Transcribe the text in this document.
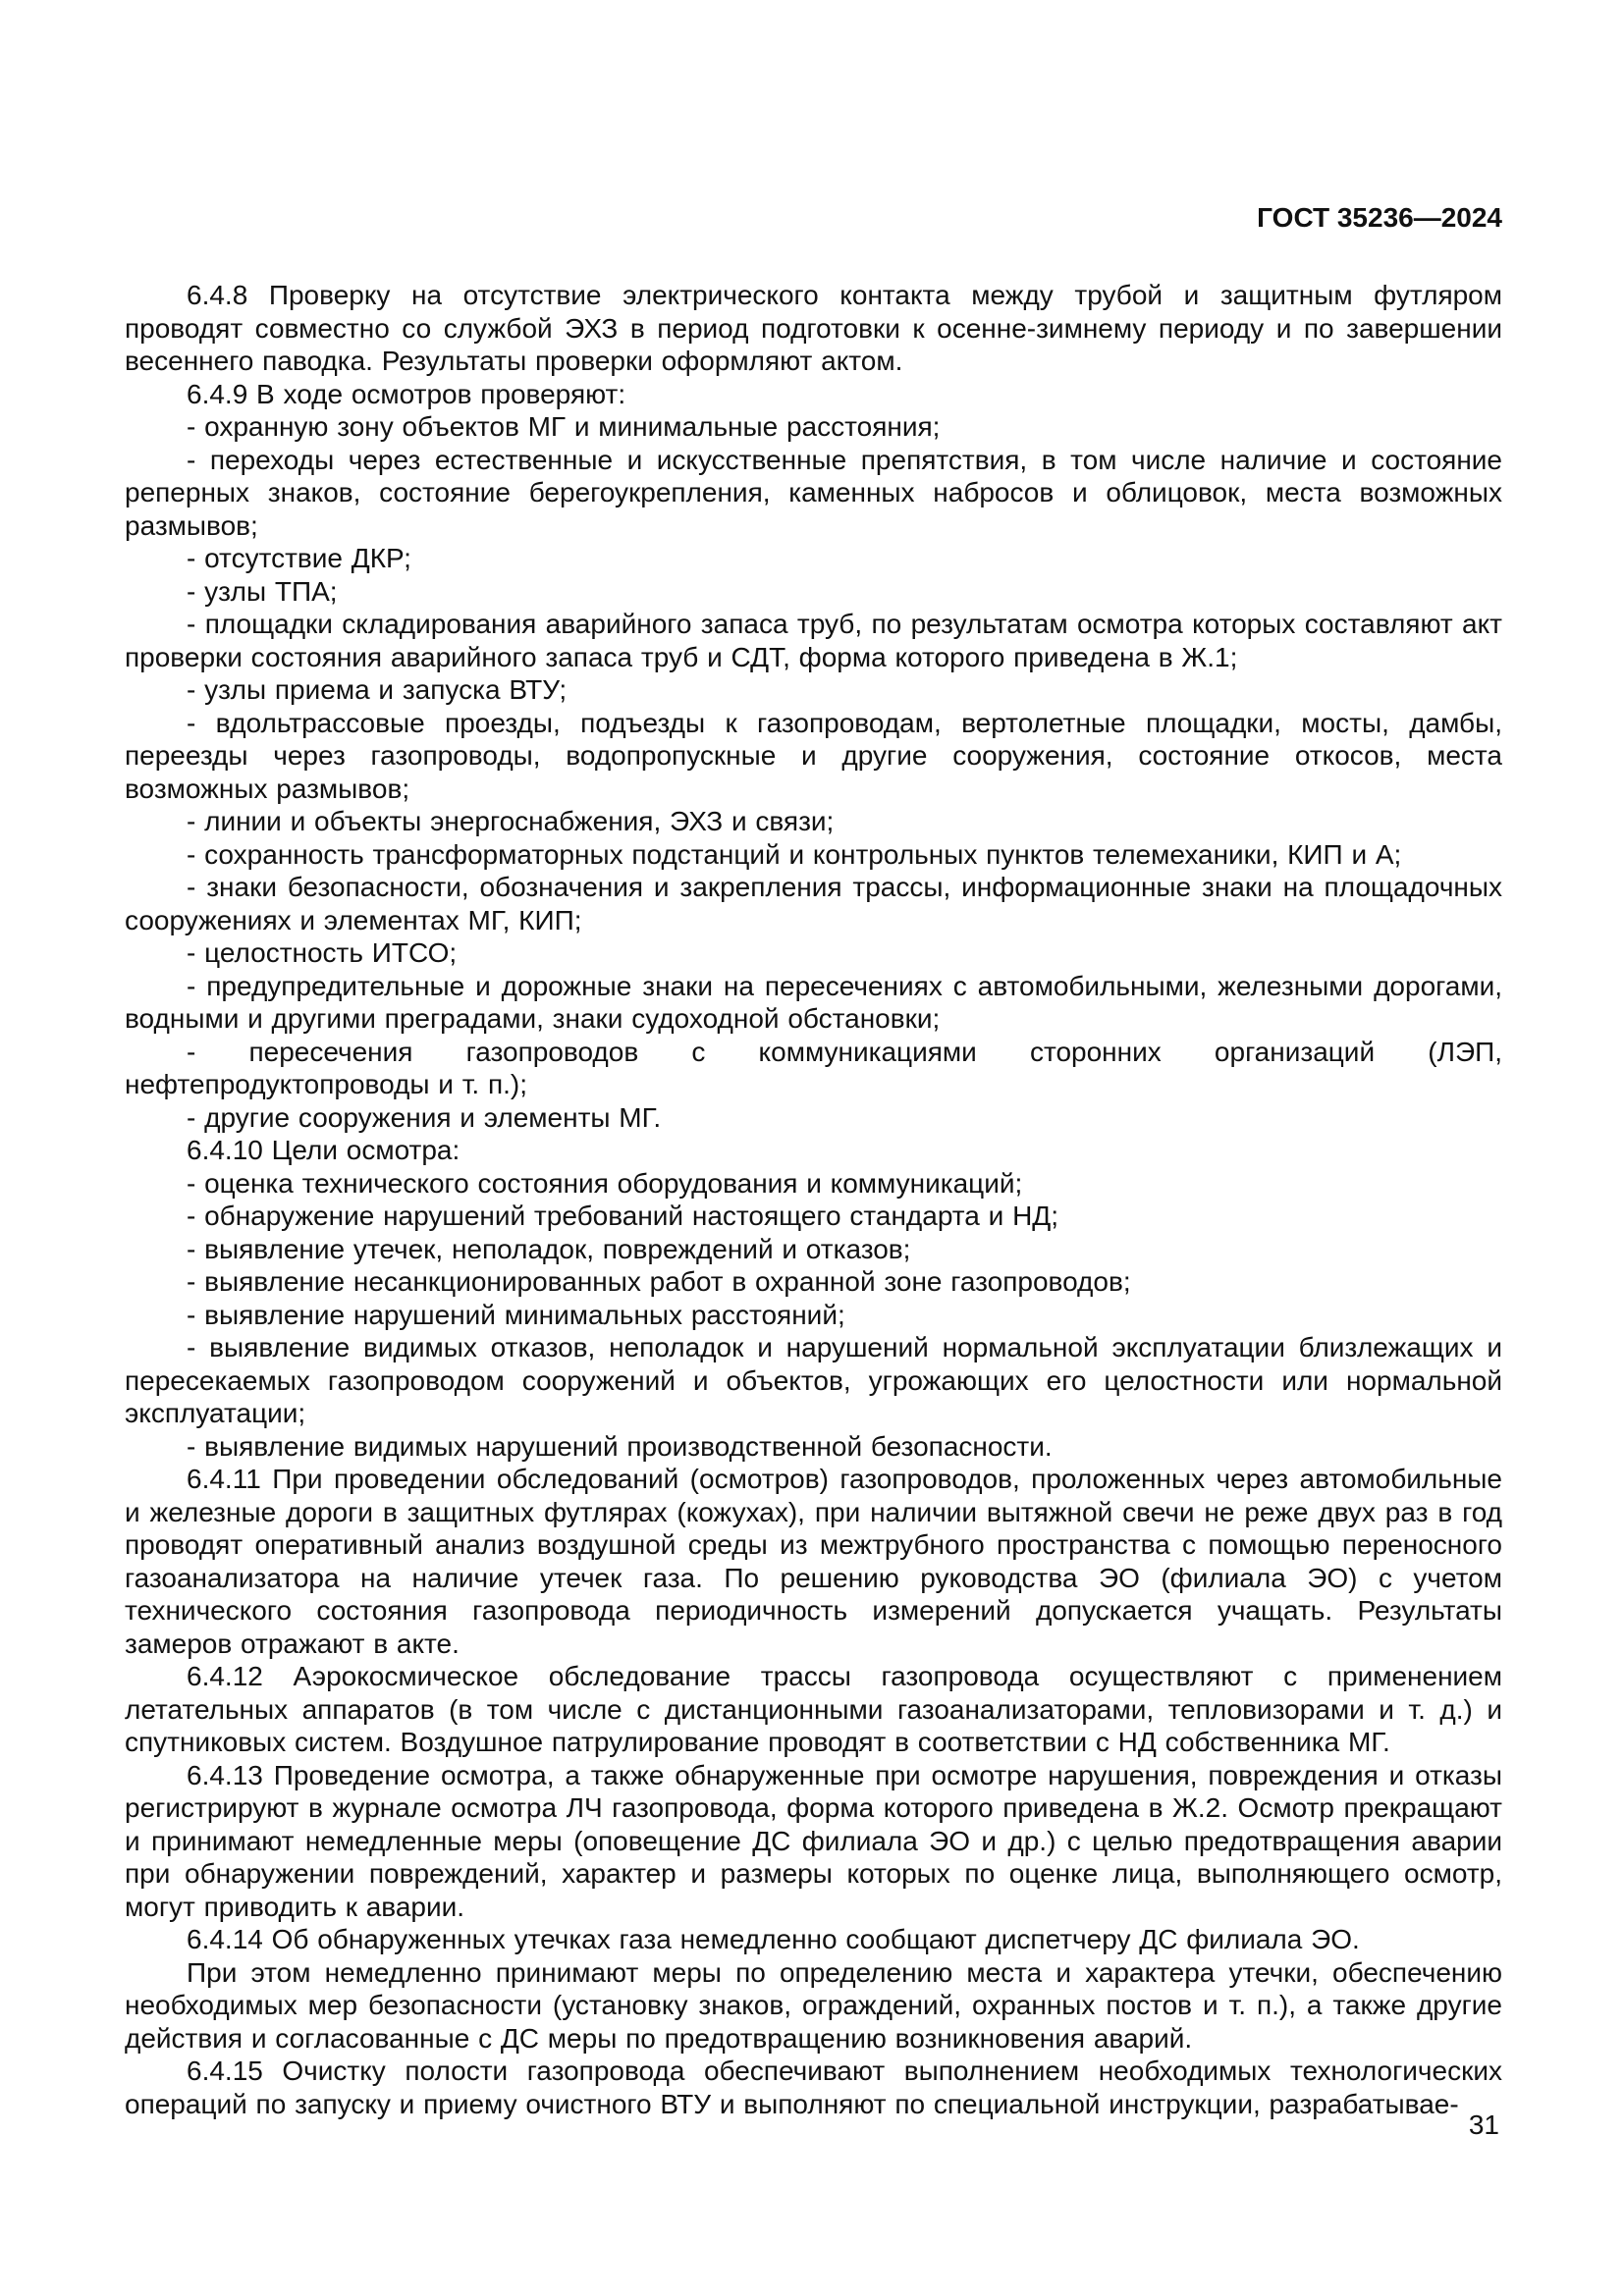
ГОСТ 35236—2024

6.4.8 Проверку на отсутствие электрического контакта между трубой и защитным футляром проводят совместно со службой ЭХЗ в период подготовки к осенне-зимнему периоду и по завершении весеннего паводка. Результаты проверки оформляют актом.

6.4.9 В ходе осмотров проверяют:

- охранную зону объектов МГ и минимальные расстояния;

- переходы через естественные и искусственные препятствия, в том числе наличие и состояние реперных знаков, состояние берегоукрепления, каменных набросов и облицовок, места возможных размывов;

- отсутствие ДКР;

- узлы ТПА;

- площадки складирования аварийного запаса труб, по результатам осмотра которых составляют акт проверки состояния аварийного запаса труб и СДТ, форма которого приведена в Ж.1;

- узлы приема и запуска ВТУ;

- вдольтрассовые проезды, подъезды к газопроводам, вертолетные площадки, мосты, дамбы, переезды через газопроводы, водопропускные и другие сооружения, состояние откосов, места возможных размывов;

- линии и объекты энергоснабжения, ЭХЗ и связи;

- сохранность трансформаторных подстанций и контрольных пунктов телемеханики, КИП и А;

- знаки безопасности, обозначения и закрепления трассы, информационные знаки на площадочных сооружениях и элементах МГ, КИП;

- целостность ИТСО;

- предупредительные и дорожные знаки на пересечениях с автомобильными, железными дорогами, водными и другими преградами, знаки судоходной обстановки;

- пересечения газопроводов с коммуникациями сторонних организаций (ЛЭП, нефтепродуктопроводы и т. п.);

- другие сооружения и элементы МГ.

6.4.10 Цели осмотра:

- оценка технического состояния оборудования и коммуникаций;

- обнаружение нарушений требований настоящего стандарта и НД;

- выявление утечек, неполадок, повреждений и отказов;

- выявление несанкционированных работ в охранной зоне газопроводов;

- выявление нарушений минимальных расстояний;

- выявление видимых отказов, неполадок и нарушений нормальной эксплуатации близлежащих и пересекаемых газопроводом сооружений и объектов, угрожающих его целостности или нормальной эксплуатации;

- выявление видимых нарушений производственной безопасности.

6.4.11 При проведении обследований (осмотров) газопроводов, проложенных через автомобильные и железные дороги в защитных футлярах (кожухах), при наличии вытяжной свечи не реже двух раз в год проводят оперативный анализ воздушной среды из межтрубного пространства с помощью переносного газоанализатора на наличие утечек газа. По решению руководства ЭО (филиала ЭО) с учетом технического состояния газопровода периодичность измерений допускается учащать. Результаты замеров отражают в акте.

6.4.12 Аэрокосмическое обследование трассы газопровода осуществляют с применением летательных аппаратов (в том числе с дистанционными газоанализаторами, тепловизорами и т. д.) и спутниковых систем. Воздушное патрулирование проводят в соответствии с НД собственника МГ.

6.4.13 Проведение осмотра, а также обнаруженные при осмотре нарушения, повреждения и отказы регистрируют в журнале осмотра ЛЧ газопровода, форма которого приведена в Ж.2. Осмотр прекращают и принимают немедленные меры (оповещение ДС филиала ЭО и др.) с целью предотвращения аварии при обнаружении повреждений, характер и размеры которых по оценке лица, выполняющего осмотр, могут приводить к аварии.

6.4.14 Об обнаруженных утечках газа немедленно сообщают диспетчеру ДС филиала ЭО.

При этом немедленно принимают меры по определению места и характера утечки, обеспечению необходимых мер безопасности (установку знаков, ограждений, охранных постов и т. п.), а также другие действия и согласованные с ДС меры по предотвращению возникновения аварий.

6.4.15 Очистку полости газопровода обеспечивают выполнением необходимых технологических операций по запуску и приему очистного ВТУ и выполняют по специальной инструкции, разрабатывае-

31
